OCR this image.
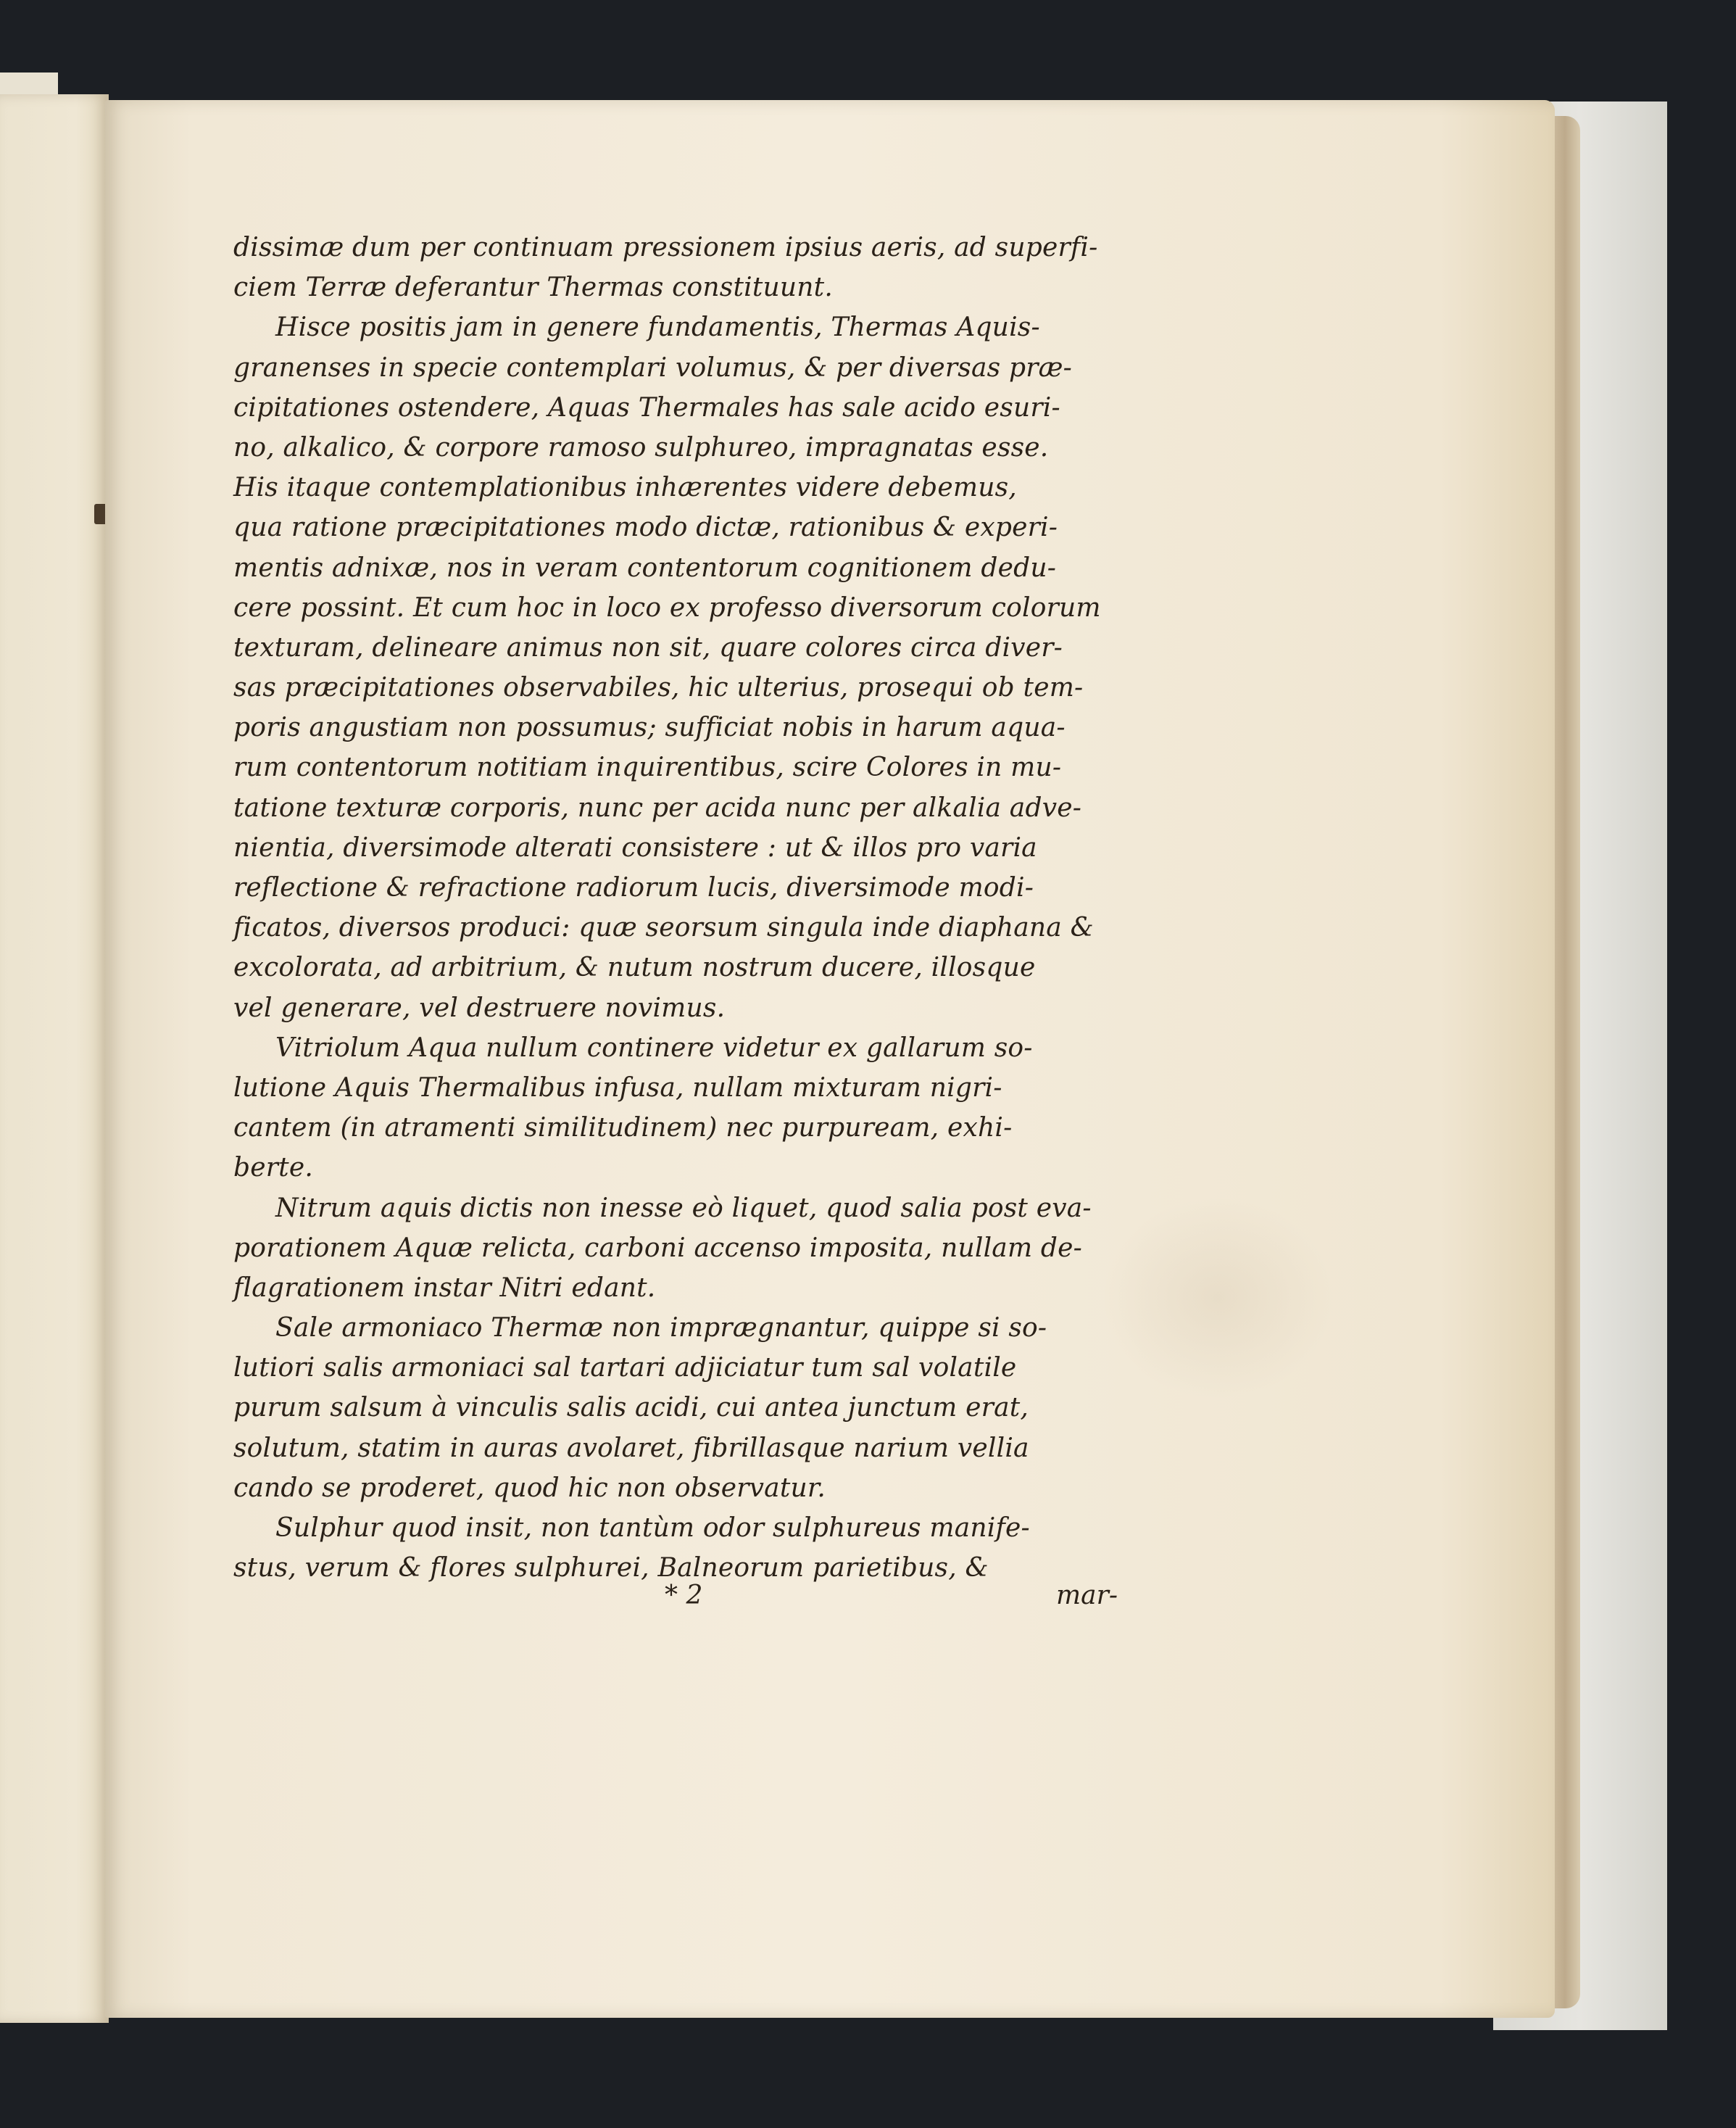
dissimæ dum per continuam pressionem ipsius aeris, ad superfi-
ciem Terræ deferantur Thermas constituunt.
Hisce positis jam in genere fundamentis, Thermas Aquis-
granenses in specie contemplari volumus, & per diversas præ-
cipitationes ostendere, Aquas Thermales has sale acido esuri-
no, alkalico, & corpore ramoso sulphureo, impragnatas esse.
His itaque contemplationibus inhærentes videre debemus,
qua ratione præcipitationes modo dictæ, rationibus & experi-
mentis adnixæ, nos in veram contentorum cognitionem dedu-
cere possint. Et cum hoc in loco ex professo diversorum colorum
texturam, delineare animus non sit, quare colores circa diver-
sas præcipitationes observabiles, hic ulterius, prosequi ob tem-
poris angustiam non possumus; sufficiat nobis in harum aqua-
rum contentorum notitiam inquirentibus, scire Colores in mu-
tatione texturæ corporis, nunc per acida nunc per alkalia adve-
nientia, diversimode alterati consistere : ut & illos pro varia
reflectione & refractione radiorum lucis, diversimode modi-
ficatos, diversos produci: quæ seorsum singula inde diaphana &
excolorata, ad arbitrium, & nutum nostrum ducere, illosque
vel generare, vel destruere novimus.
Vitriolum Aqua nullum continere videtur ex gallarum so-
lutione Aquis Thermalibus infusa, nullam mixturam nigri-
cantem (in atramenti similitudinem) nec purpuream, exhi-
berte.
Nitrum aquis dictis non inesse eò liquet, quod salia post eva-
porationem Aquæ relicta, carboni accenso imposita, nullam de-
flagrationem instar Nitri edant.
Sale armoniaco Thermæ non imprægnantur, quippe si so-
lutiori salis armoniaci sal tartari adjiciatur tum sal volatile
purum salsum à vinculis salis acidi, cui antea junctum erat,
solutum, statim in auras avolaret, fibrillasque narium vellia
cando se proderet, quod hic non observatur.
Sulphur quod insit, non tantùm odor sulphureus manife-
stus, verum & flores sulphurei, Balneorum parietibus, &
* 2	mar-
